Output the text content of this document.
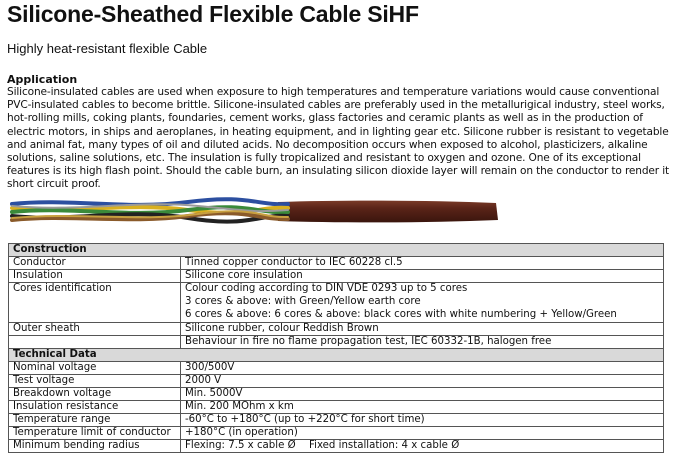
Silicone-Sheathed Flexible Cable SiHF
Highly heat-resistant flexible Cable
Application
Silicone-insulated cables are used when exposure to high temperatures and temperature variations would cause conventional PVC-insulated cables to become brittle. Silicone-insulated cables are preferably used in the metallurigical industry, steel works, hot-rolling mills, coking plants, foundaries, cement works, glass factories and ceramic plants as well as in the production of electric motors, in ships and aeroplanes, in heating equipment, and in lighting gear etc. Silicone rubber is resistant to vegetable and animal fat, many types of oil and diluted acids. No decomposition occurs when exposed to alcohol, plasticizers, alkaline solutions, saline solutions, etc. The insulation is fully tropicalized and resistant to oxygen and ozone. One of its exceptional features is its high flash point. Should the cable burn, an insulating silicon dioxide layer will remain on the conductor to render it short circuit proof.
Construction	
Conductor	Tinned copper conductor to IEC 60228 cl.5
Insulation	Silicone core insulation
Cores identification	Colour coding according to DIN VDE 0293 up to 5 cores
3 cores & above: with Green/Yellow earth core
6 cores & above: 6 cores & above: black cores with white numbering + Yellow/Green

Outer sheath	Silicone rubber, colour Reddish Brown
	Behaviour in fire no flame propagation test, IEC 60332-1B, halogen free
Technical Data	
Nominal voltage	300/500V
Test voltage	2000 V
Breakdown voltage	Min. 5000V
Insulation resistance	Min. 200 MOhm x km
Temperature range	-60°C to +180°C (up to +220°C for short time)
Temperature limit of conductor	+180°C (in operation)
Minimum bending radius	Flexing: 7.5 x cable Ø Fixed installation: 4 x cable Ø
